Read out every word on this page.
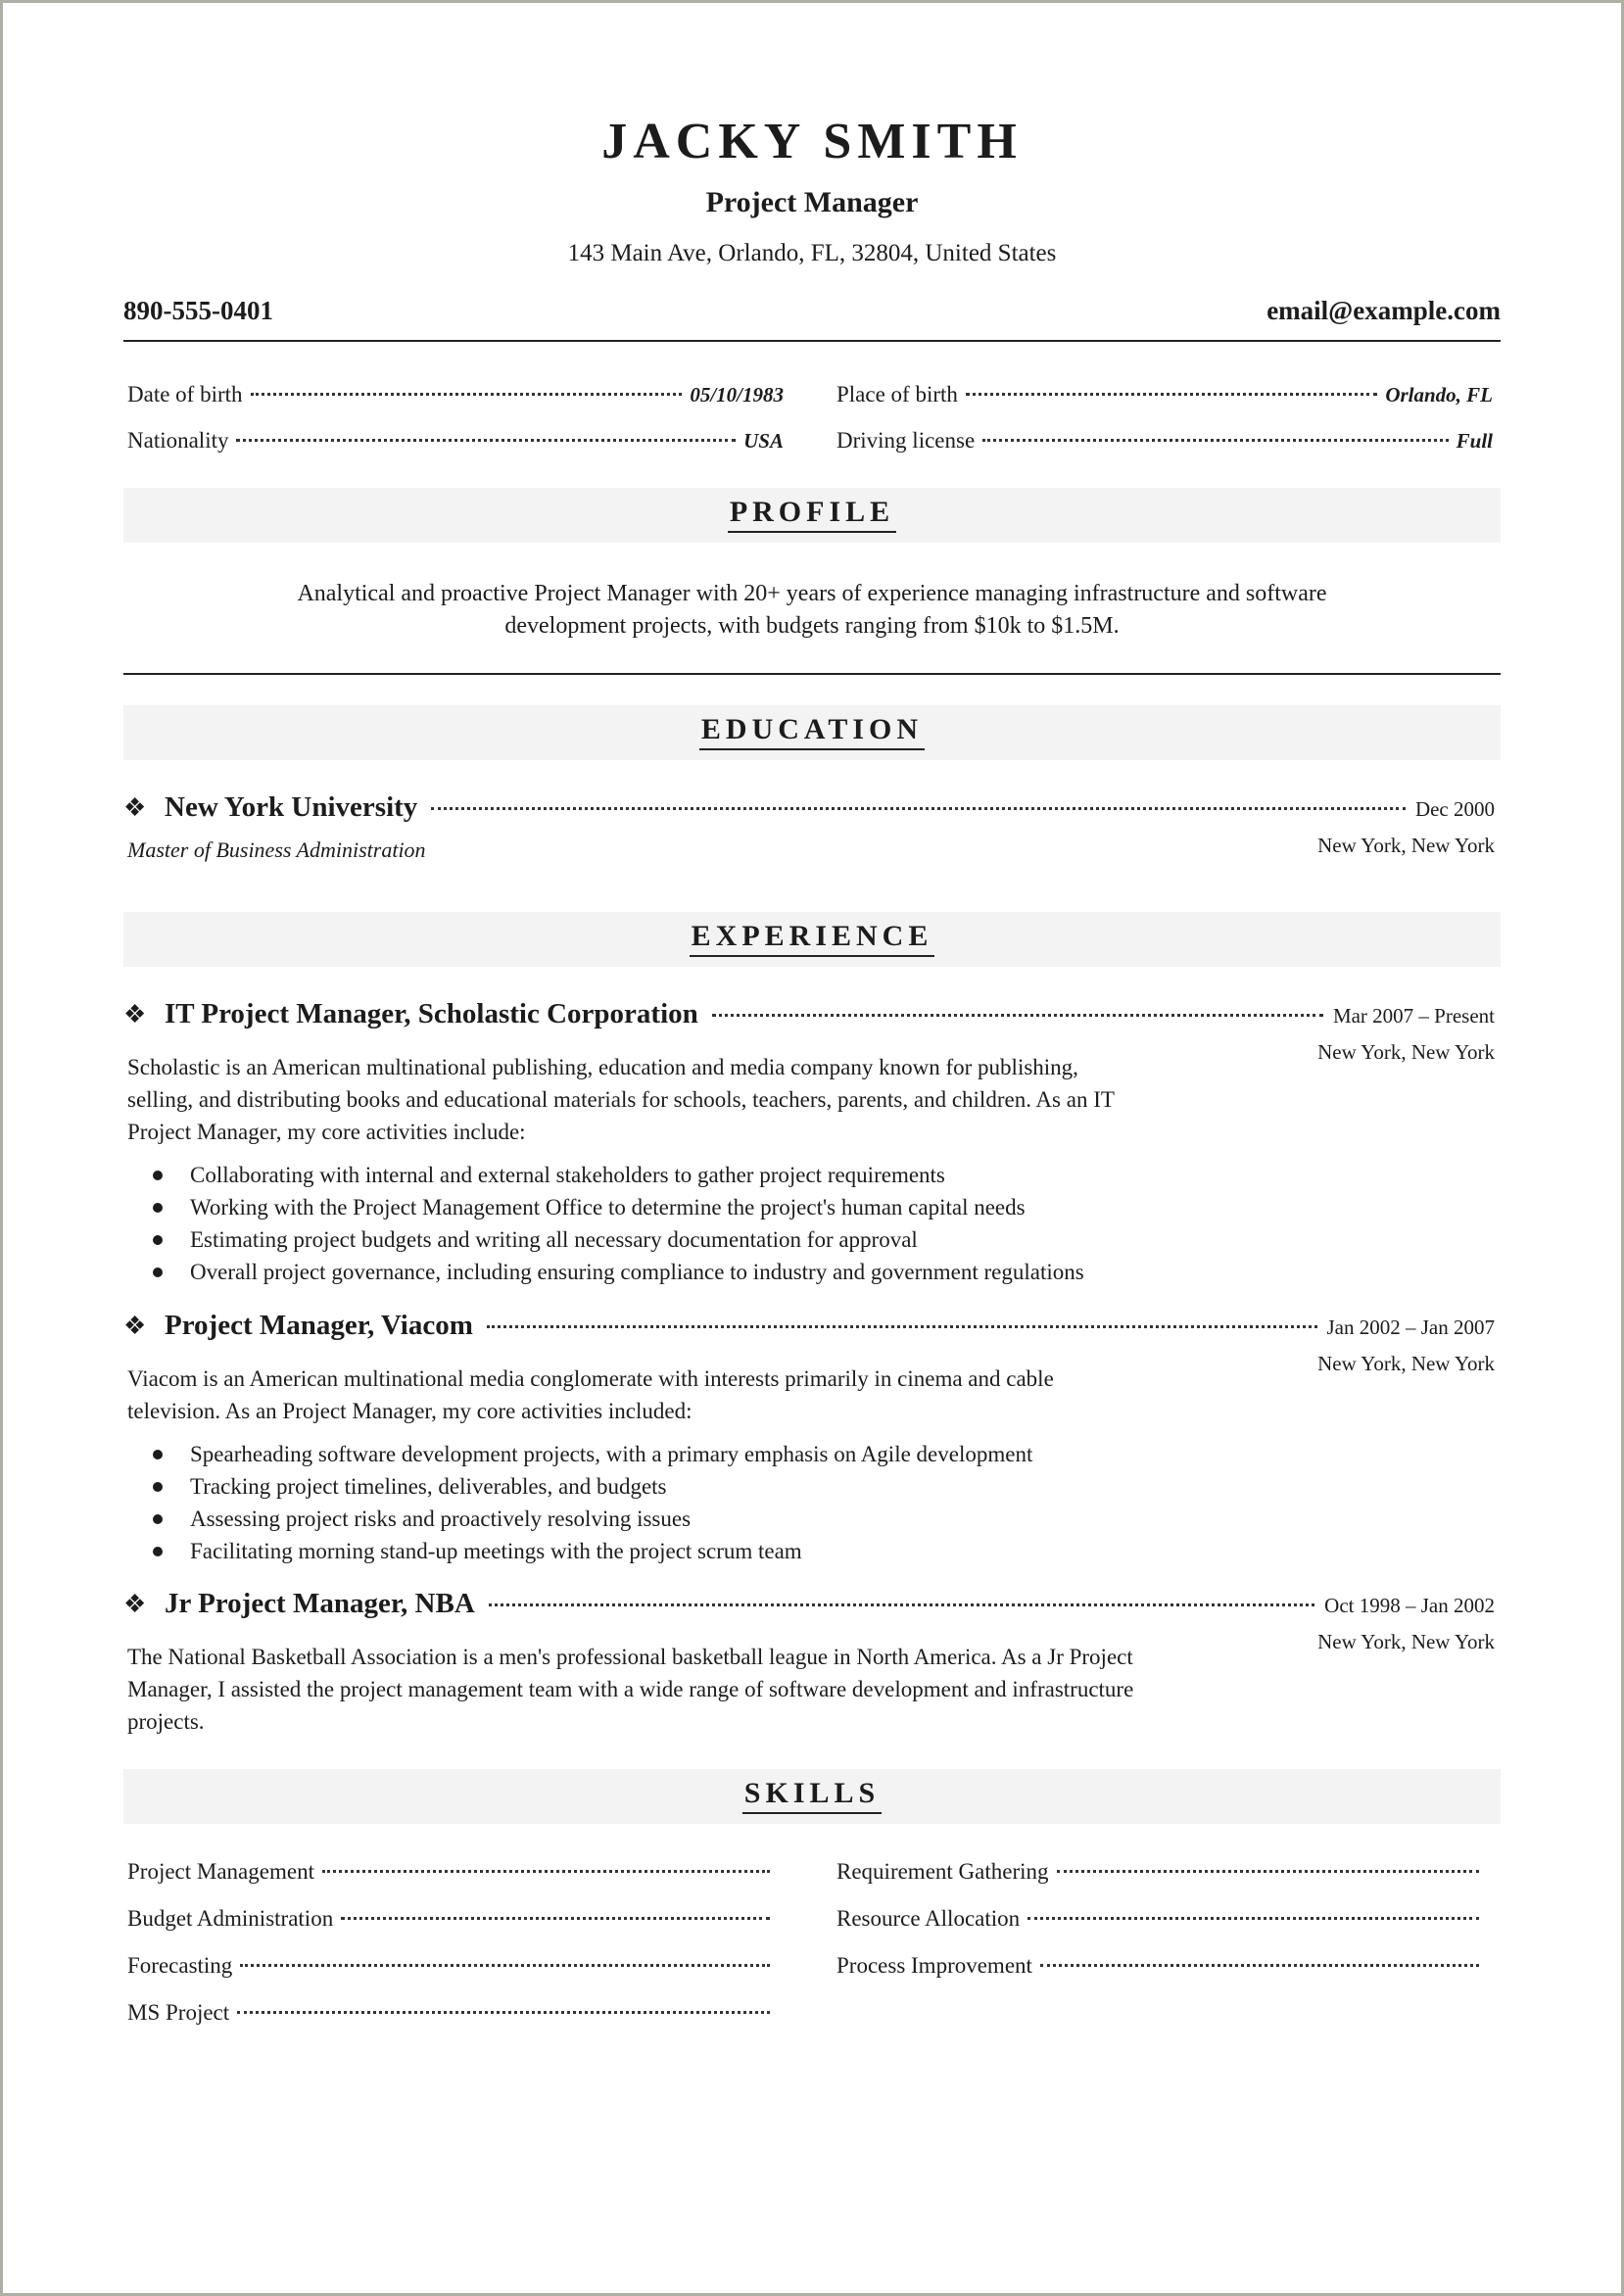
JACKY SMITH
Project Manager
143 Main Ave, Orlando, FL, 32804, United States
890-555-0401	email@example.com
Date of birth	05/10/1983 Place of birth	Orlando, FL
Nationality	USA Driving license	Full
PROFILE
Analytical and proactive Project Manager with 20+ years of experience managing infrastructure and software
development projects, with budgets ranging from $10k to $1.5M.
EDUCATION
❖ New York University	Dec 2000
Master of Business Administration	New York, New York
EXPERIENCE
❖ IT Project Manager, Scholastic Corporation	Mar 2007 – Present
New York, New York
Scholastic is an American multinational publishing, education and media company known for publishing,
selling, and distributing books and educational materials for schools, teachers, parents, and children. As an IT
Project Manager, my core activities include:
Collaborating with internal and external stakeholders to gather project requirements
Working with the Project Management Office to determine the project's human capital needs
Estimating project budgets and writing all necessary documentation for approval
Overall project governance, including ensuring compliance to industry and government regulations
❖ Project Manager, Viacom	Jan 2002 – Jan 2007
New York, New York
Viacom is an American multinational media conglomerate with interests primarily in cinema and cable
television. As an Project Manager, my core activities included:
Spearheading software development projects, with a primary emphasis on Agile development
Tracking project timelines, deliverables, and budgets
Assessing project risks and proactively resolving issues
Facilitating morning stand-up meetings with the project scrum team
❖ Jr Project Manager, NBA	Oct 1998 – Jan 2002
New York, New York
The National Basketball Association is a men's professional basketball league in North America. As a Jr Project
Manager, I assisted the project management team with a wide range of software development and infrastructure
projects.
SKILLS
Project Management
Budget Administration
Forecasting
MS Project
Requirement Gathering
Resource Allocation
Process Improvement
